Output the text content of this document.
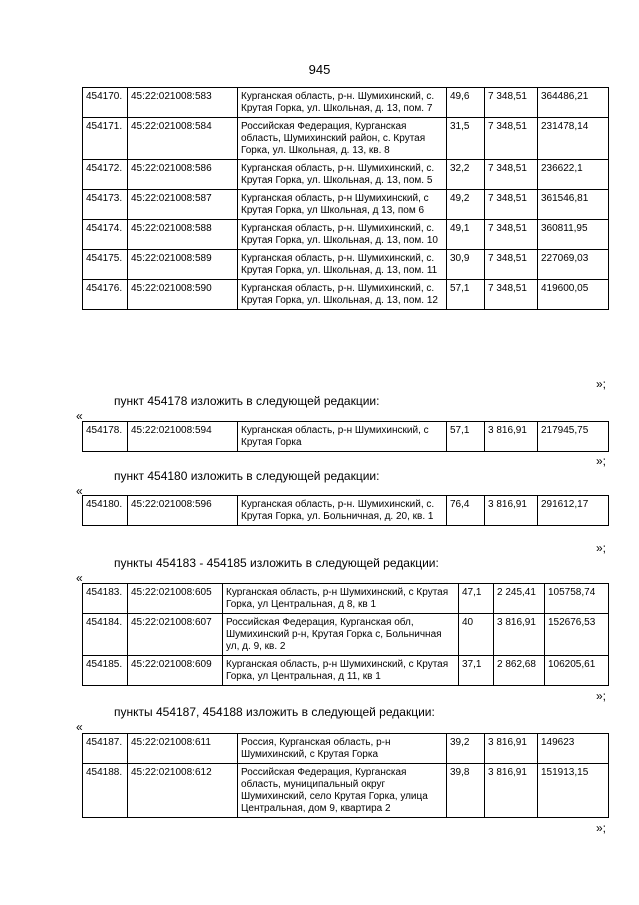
945
454170.	45:22:021008:583	Курганская область, р-н. Шумихинский, с. Крутая Горка, ул. Школьная, д. 13, пом. 7	49,6	7 348,51	364486,21
454171.	45:22:021008:584	Российская Федерация, Курганская область, Шумихинский район, с. Крутая Горка, ул. Школьная, д. 13, кв. 8	31,5	7 348,51	231478,14
454172.	45:22:021008:586	Курганская область, р-н. Шумихинский, с. Крутая Горка, ул. Школьная, д. 13, пом. 5	32,2	7 348,51	236622,1
454173.	45:22:021008:587	Курганская область, р-н Шумихинский, с Крутая Горка, ул Школьная, д 13, пом 6	49,2	7 348,51	361546,81
454174.	45:22:021008:588	Курганская область, р-н. Шумихинский, с. Крутая Горка, ул. Школьная, д. 13, пом. 10	49,1	7 348,51	360811,95
454175.	45:22:021008:589	Курганская область, р-н. Шумихинский, с. Крутая Горка, ул. Школьная, д. 13, пом. 11	30,9	7 348,51	227069,03
454176.	45:22:021008:590	Курганская область, р-н. Шумихинский, с. Крутая Горка, ул. Школьная, д. 13, пом. 12	57,1	7 348,51	419600,05
»;
пункт 454178 изложить в следующей редакции:
«
454178.	45:22:021008:594	Курганская область, р-н Шумихинский, с Крутая Горка	57,1	3 816,91	217945,75
»;
пункт 454180 изложить в следующей редакции:
«
454180.	45:22:021008:596	Курганская область, р-н. Шумихинский, с. Крутая Горка, ул. Больничная, д. 20, кв. 1	76,4	3 816,91	291612,17
»;
пункты 454183 - 454185 изложить в следующей редакции:
«
454183.	45:22:021008:605	Курганская область, р-н Шумихинский, с Крутая Горка, ул Центральная, д 8, кв 1	47,1	2 245,41	105758,74
454184.	45:22:021008:607	Российская Федерация, Курганская обл, Шумихинский р-н, Крутая Горка с, Больничная ул, д. 9, кв. 2	40	3 816,91	152676,53
454185.	45:22:021008:609	Курганская область, р-н Шумихинский, с Крутая Горка, ул Центральная, д 11, кв 1	37,1	2 862,68	106205,61
»;
пункты 454187, 454188 изложить в следующей редакции:
«
454187.	45:22:021008:611	Россия, Курганская область, р-н Шумихинский, с Крутая Горка	39,2	3 816,91	149623
454188.	45:22:021008:612	Российская Федерация, Курганская область, муниципальный округ Шумихинский, село Крутая Горка, улица Центральная, дом 9, квартира 2	39,8	3 816,91	151913,15
»;
